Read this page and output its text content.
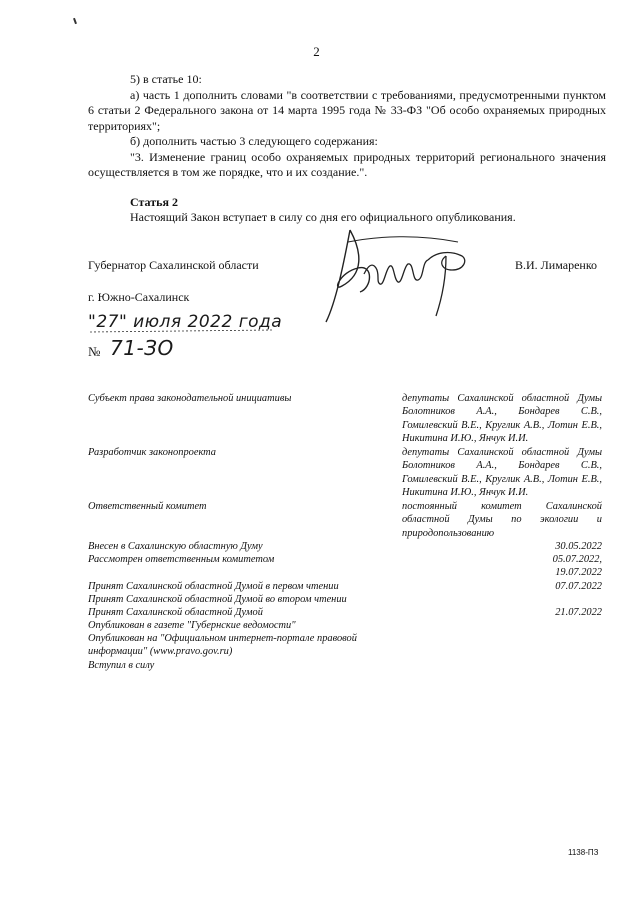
2

5) в статье 10:

а) часть 1 дополнить словами "в соответствии с требованиями, предусмотренными пунктом 6 статьи 2 Федерального закона от 14 марта 1995 года № 33-ФЗ "Об особо охраняемых природных территориях";

б) дополнить частью 3 следующего содержания:

"3. Изменение границ особо охраняемых природных территорий регионального значения осуществляется в том же порядке, что и их создание.".

Статья 2

Настоящий Закон вступает в силу со дня его официального опубликования.

Губернатор Сахалинской области	В.И. Лимаренко
г. Южно-Сахалинск
"27" июля 2022 года
№ 71-ЗО
Субъект права законодательной инициативы	депутаты Сахалинской областной Думы Болотников А.А., Бондарев С.В., Гомилевский В.Е., Круглик А.В., Лотин Е.В., Никитина И.Ю., Янчук И.И.
Разработчик законопроекта	депутаты Сахалинской областной Думы Болотников А.А., Бондарев С.В., Гомилевский В.Е., Круглик А.В., Лотин Е.В., Никитина И.Ю., Янчук И.И.
Ответственный комитет	постоянный комитет Сахалинской областной Думы по экологии и природопользованию
Внесен в Сахалинскую областную Думу	30.05.2022
Рассмотрен ответственным комитетом	05.07.2022,
19.07.2022
Принят Сахалинской областной Думой в первом чтении	07.07.2022
Принят Сахалинской областной Думой во втором чтении
Принят Сахалинской областной Думой	21.07.2022
Опубликован в газете "Губернские ведомости"
Опубликован на "Официальном интернет-портале правовой информации" (www.pravo.gov.ru)
Вступил в силу
1138-ПЗ
